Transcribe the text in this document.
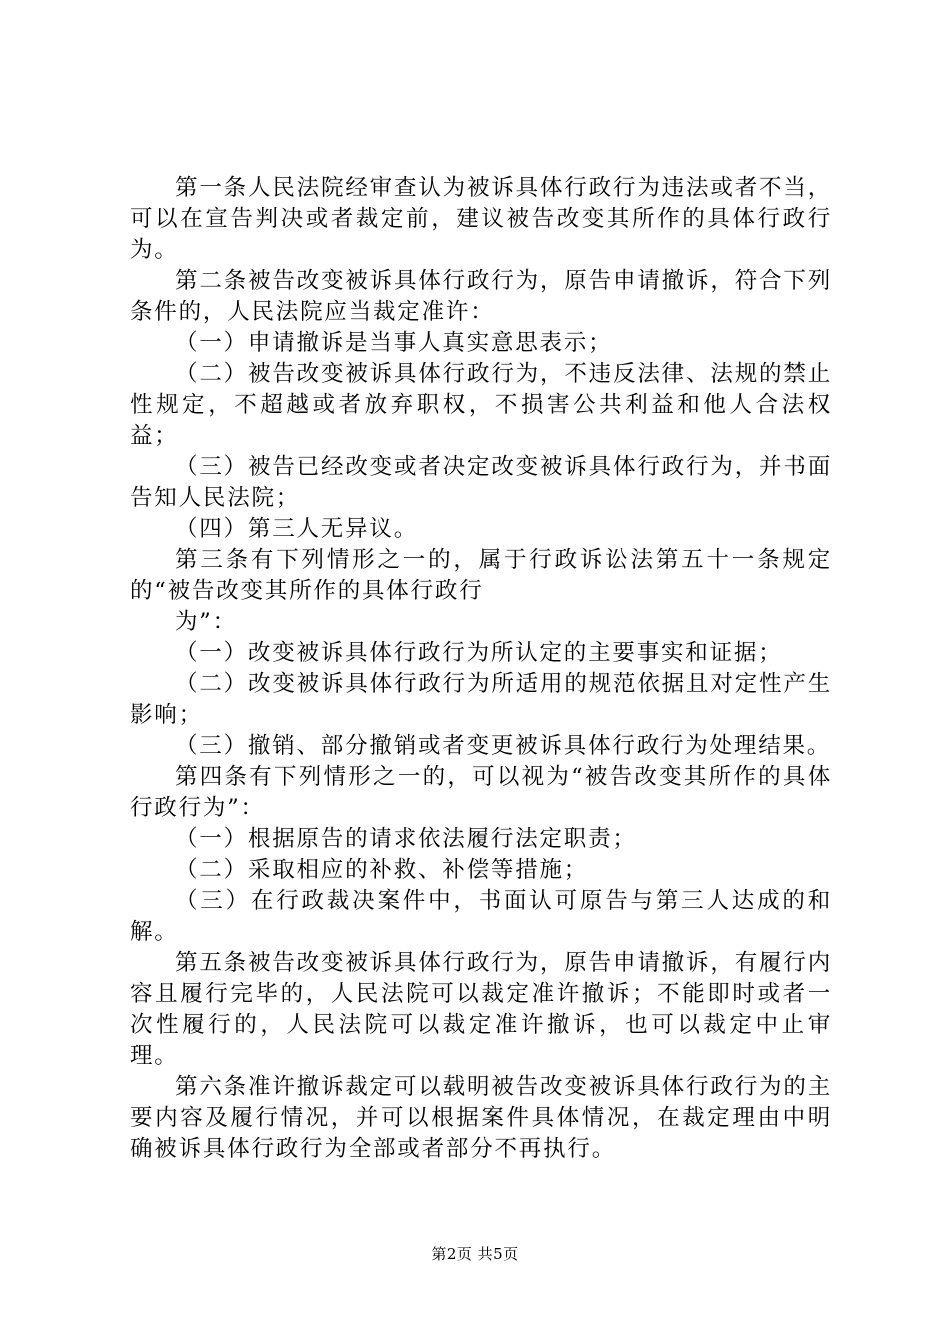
第一条人民法院经审查认为被诉具体行政行为违法或者不当，可以在宣告判决或者裁定前，建议被告改变其所作的具体行政行为。

第二条被告改变被诉具体行政行为，原告申请撤诉，符合下列条件的，人民法院应当裁定准许：

（一）申请撤诉是当事人真实意思表示；

（二）被告改变被诉具体行政行为，不违反法律、法规的禁止性规定，不超越或者放弃职权，不损害公共利益和他人合法权益；

（三）被告已经改变或者决定改变被诉具体行政行为，并书面告知人民法院；

（四）第三人无异议。

第三条有下列情形之一的，属于行政诉讼法第五十一条规定的“被告改变其所作的具体行政行

为”：

（一）改变被诉具体行政行为所认定的主要事实和证据；

（二）改变被诉具体行政行为所适用的规范依据且对定性产生影响；

（三）撤销、部分撤销或者变更被诉具体行政行为处理结果。

第四条有下列情形之一的，可以视为“被告改变其所作的具体行政行为”：

（一）根据原告的请求依法履行法定职责；

（二）采取相应的补救、补偿等措施；

（三）在行政裁决案件中，书面认可原告与第三人达成的和解。

第五条被告改变被诉具体行政行为，原告申请撤诉，有履行内容且履行完毕的，人民法院可以裁定准许撤诉；不能即时或者一次性履行的，人民法院可以裁定准许撤诉，也可以裁定中止审理。

第六条准许撤诉裁定可以载明被告改变被诉具体行政行为的主要内容及履行情况，并可以根据案件具体情况，在裁定理由中明确被诉具体行政行为全部或者部分不再执行。

第2页 共5页
